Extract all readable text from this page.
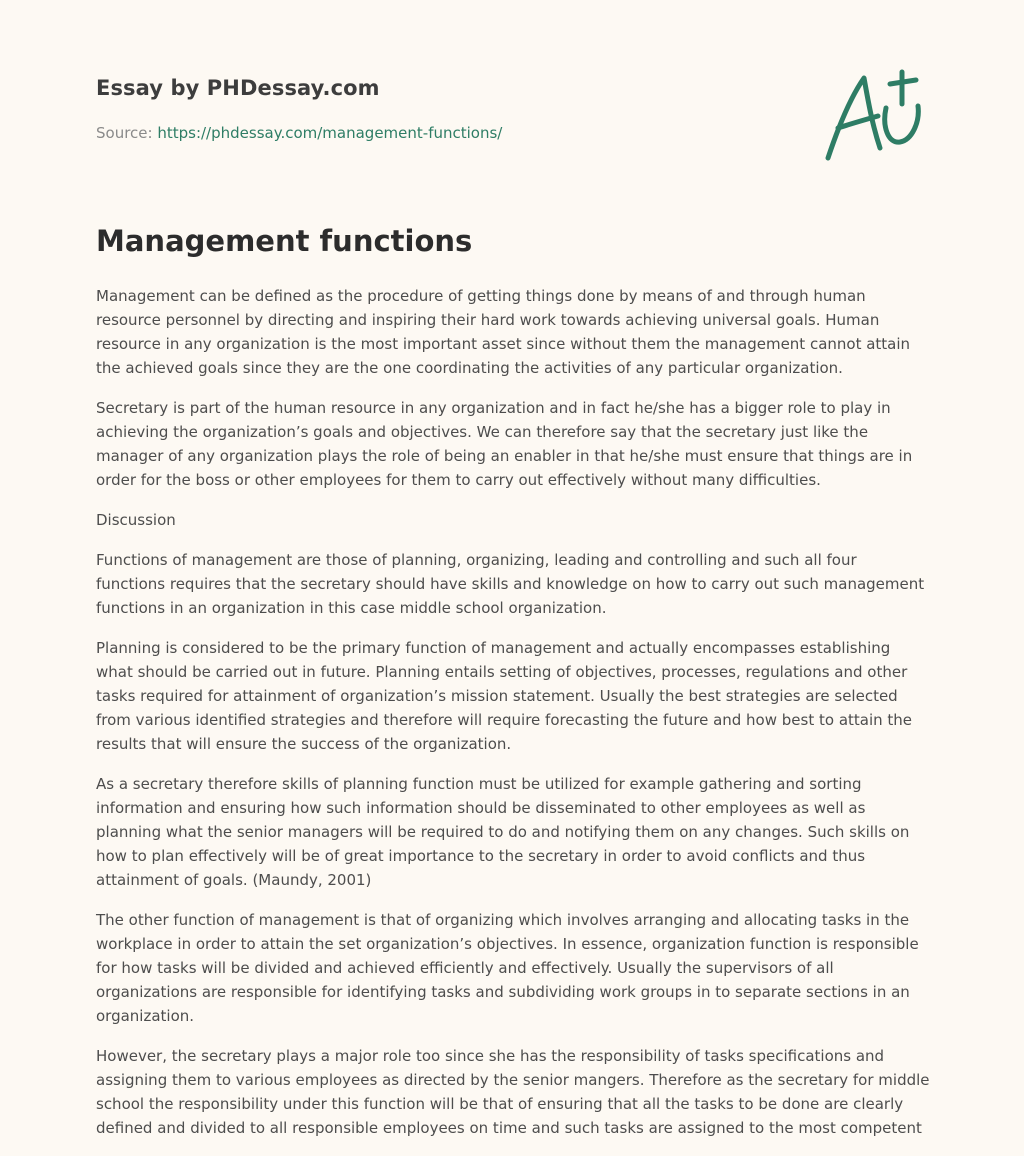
Essay by PHDessay.com

Source: https://phdessay.com/management-functions/

Management functions

Management can be defined as the procedure of getting things done by means of and through human resource personnel by directing and inspiring their hard work towards achieving universal goals. Human resource in any organization is the most important asset since without them the management cannot attain the achieved goals since they are the one coordinating the activities of any particular organization.

Secretary is part of the human resource in any organization and in fact he/she has a bigger role to play in achieving the organization’s goals and objectives. We can therefore say that the secretary just like the manager of any organization plays the role of being an enabler in that he/she must ensure that things are in order for the boss or other employees for them to carry out effectively without many difficulties.

Discussion

Functions of management are those of planning, organizing, leading and controlling and such all four functions requires that the secretary should have skills and knowledge on how to carry out such management functions in an organization in this case middle school organization.

Planning is considered to be the primary function of management and actually encompasses establishing what should be carried out in future. Planning entails setting of objectives, processes, regulations and other tasks required for attainment of organization’s mission statement. Usually the best strategies are selected from various identified strategies and therefore will require forecasting the future and how best to attain the results that will ensure the success of the organization.

As a secretary therefore skills of planning function must be utilized for example gathering and sorting information and ensuring how such information should be disseminated to other employees as well as planning what the senior managers will be required to do and notifying them on any changes. Such skills on how to plan effectively will be of great importance to the secretary in order to avoid conflicts and thus attainment of goals. (Maundy, 2001)

The other function of management is that of organizing which involves arranging and allocating tasks in the workplace in order to attain the set organization’s objectives. In essence, organization function is responsible for how tasks will be divided and achieved efficiently and effectively. Usually the supervisors of all organizations are responsible for identifying tasks and subdividing work groups in to separate sections in an organization.

However, the secretary plays a major role too since she has the responsibility of tasks specifications and assigning them to various employees as directed by the senior mangers. Therefore as the secretary for middle school the responsibility under this function will be that of ensuring that all the tasks to be done are clearly defined and divided to all responsible employees on time and such tasks are assigned to the most competent
